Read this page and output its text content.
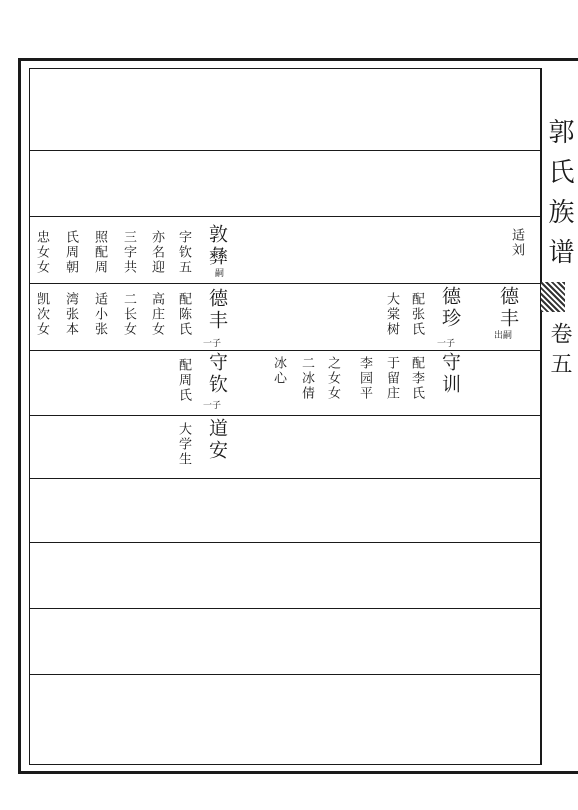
郭氏族谱
卷五
适刘
德丰
出嗣
德珍
一子
配张氏
大棠树
守训
配李氏
于留庄
李园平
之女女
二冰倩
冰心
敦彝
嗣
字钦五
亦名迎
三字共
照配周
氏周朝
忠女女
德丰
一子
配陈氏
高庄女
二长女
适小张
湾张本
凯次女
守钦
一子
配周氏
道安
大学生
